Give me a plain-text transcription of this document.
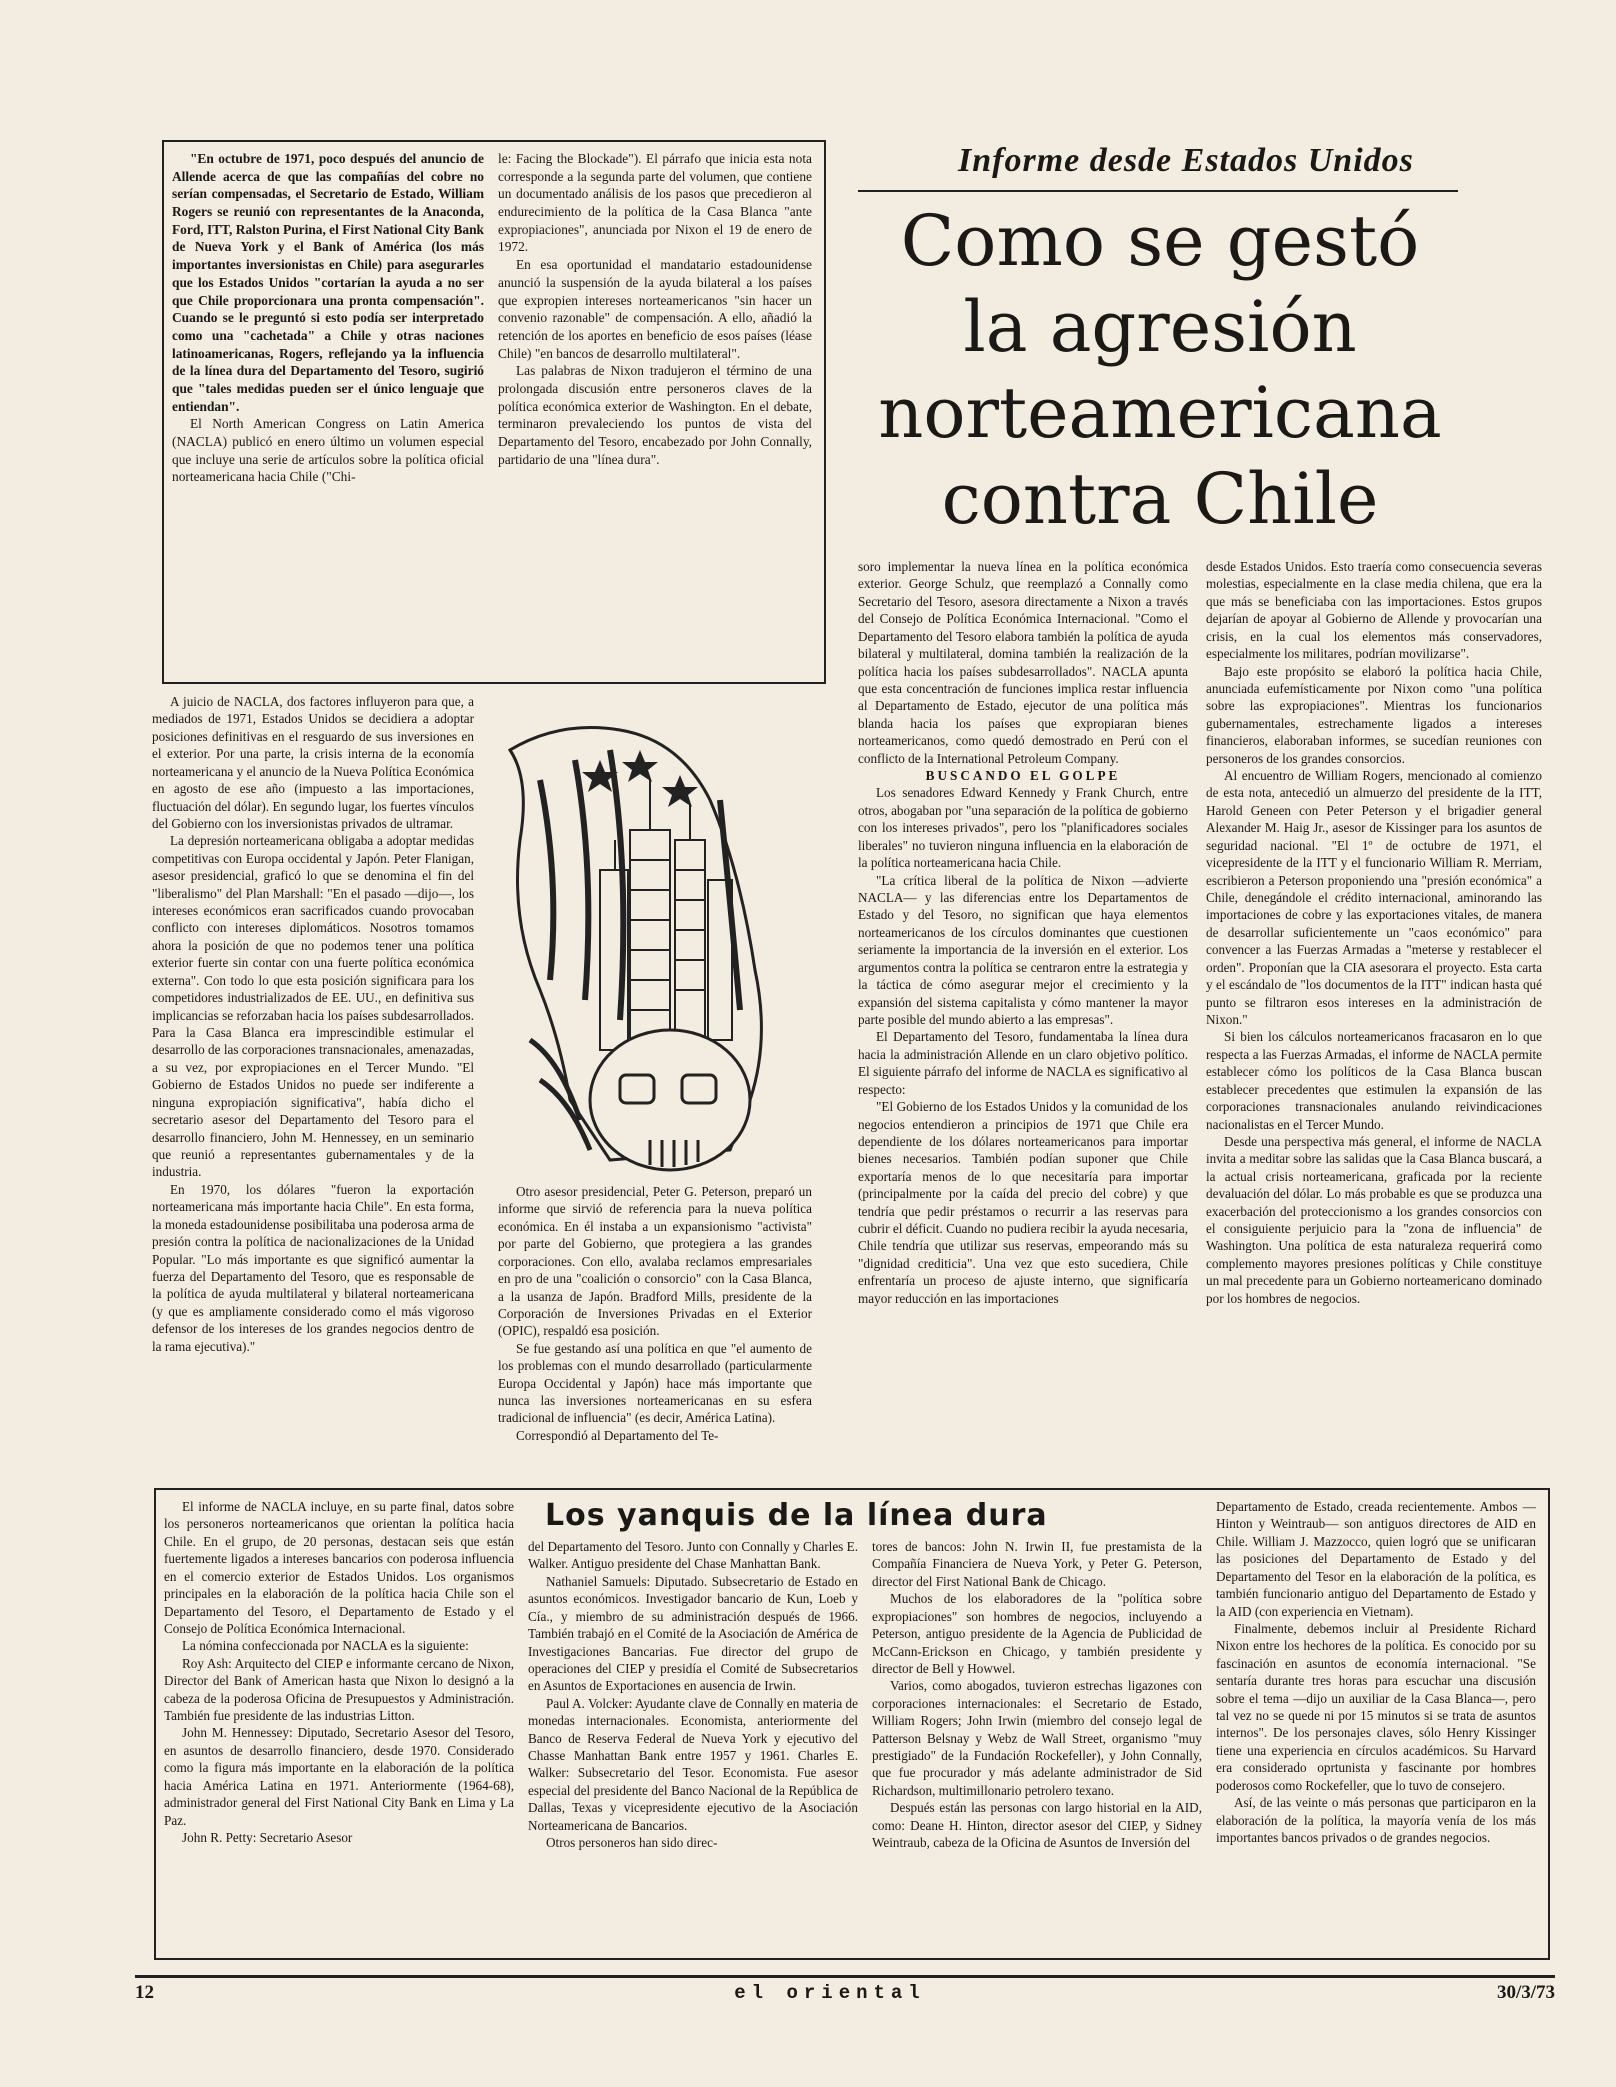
Informe desde Estados Unidos
Como se gestó
la agresión
norteamericana
contra Chile

"En octubre de 1971, poco después del anuncio de Allende acerca de que las compañías del cobre no serían compensadas, el Secretario de Estado, William Rogers se reunió con representantes de la Anaconda, Ford, ITT, Ralston Purina, el First National City Bank de Nueva York y el Bank of América (los más importantes inversionistas en Chile) para asegurarles que los Estados Unidos "cortarían la ayuda a no ser que Chile proporcionara una pronta compensación". Cuando se le preguntó si esto podía ser interpretado como una "cachetada" a Chile y otras naciones latinoamericanas, Rogers, reflejando ya la influencia de la línea dura del Departamento del Tesoro, sugirió que "tales medidas pueden ser el único lenguaje que entiendan".

El North American Congress on Latin America (NACLA) publicó en enero último un volumen especial que incluye una serie de artículos sobre la política oficial norteamericana hacia Chile ("Chi-

le: Facing the Blockade"). El párrafo que inicia esta nota corresponde a la segunda parte del volumen, que contiene un documentado análisis de los pasos que precedieron al endurecimiento de la política de la Casa Blanca "ante expropiaciones", anunciada por Nixon el 19 de enero de 1972.

En esa oportunidad el mandatario estadounidense anunció la suspensión de la ayuda bilateral a los países que expropien intereses norteamericanos "sin hacer un convenio razonable" de compensación. A ello, añadió la retención de los aportes en beneficio de esos países (léase Chile) "en bancos de desarrollo multilateral".

Las palabras de Nixon tradujeron el término de una prolongada discusión entre personeros claves de la política económica exterior de Washington. En el debate, terminaron prevaleciendo los puntos de vista del Departamento del Tesoro, encabezado por John Connally, partidario de una "línea dura".

A juicio de NACLA, dos factores influyeron para que, a mediados de 1971, Estados Unidos se decidiera a adoptar posiciones definitivas en el resguardo de sus inversiones en el exterior. Por una parte, la crisis interna de la economía norteamericana y el anuncio de la Nueva Política Económica en agosto de ese año (impuesto a las importaciones, fluctuación del dólar). En segundo lugar, los fuertes vínculos del Gobierno con los inversionistas privados de ultramar.

La depresión norteamericana obligaba a adoptar medidas competitivas con Europa occidental y Japón. Peter Flanigan, asesor presidencial, graficó lo que se denomina el fin del "liberalismo" del Plan Marshall: "En el pasado —dijo—, los intereses económicos eran sacrificados cuando provocaban conflicto con intereses diplomáticos. Nosotros tomamos ahora la posición de que no podemos tener una política exterior fuerte sin contar con una fuerte política económica externa". Con todo lo que esta posición significara para los competidores industrializados de EE. UU., en definitiva sus implicancias se reforzaban hacia los países subdesarrollados. Para la Casa Blanca era imprescindible estimular el desarrollo de las corporaciones transnacionales, amenazadas, a su vez, por expropiaciones en el Tercer Mundo. "El Gobierno de Estados Unidos no puede ser indiferente a ninguna expropiación significativa", había dicho el secretario asesor del Departamento del Tesoro para el desarrollo financiero, John M. Hennessey, en un seminario que reunió a representantes gubernamentales y de la industria.

En 1970, los dólares "fueron la exportación norteamericana más importante hacia Chile". En esta forma, la moneda estadounidense posibilitaba una poderosa arma de presión contra la política de nacionalizaciones de la Unidad Popular. "Lo más importante es que significó aumentar la fuerza del Departamento del Tesoro, que es responsable de la política de ayuda multilateral y bilateral norteamericana (y que es ampliamente considerado como el más vigoroso defensor de los intereses de los grandes negocios dentro de la rama ejecutiva)."

Otro asesor presidencial, Peter G. Peterson, preparó un informe que sirvió de referencia para la nueva política económica. En él instaba a un expansionismo "activista" por parte del Gobierno, que protegiera a las grandes corporaciones. Con ello, avalaba reclamos empresariales en pro de una "coalición o consorcio" con la Casa Blanca, a la usanza de Japón. Bradford Mills, presidente de la Corporación de Inversiones Privadas en el Exterior (OPIC), respaldó esa posición.

Se fue gestando así una política en que "el aumento de los problemas con el mundo desarrollado (particularmente Europa Occidental y Japón) hace más importante que nunca las inversiones norteamericanas en su esfera tradicional de influencia" (es decir, América Latina).

Correspondió al Departamento del Te-

soro implementar la nueva línea en la política económica exterior. George Schulz, que reemplazó a Connally como Secretario del Tesoro, asesora directamente a Nixon a través del Consejo de Política Económica Internacional. "Como el Departamento del Tesoro elabora también la política de ayuda bilateral y multilateral, domina también la realización de la política hacia los países subdesarrollados". NACLA apunta que esta concentración de funciones implica restar influencia al Departamento de Estado, ejecutor de una política más blanda hacia los países que expropiaran bienes norteamericanos, como quedó demostrado en Perú con el conflicto de la International Petroleum Company.

BUSCANDO EL GOLPE

Los senadores Edward Kennedy y Frank Church, entre otros, abogaban por "una separación de la política de gobierno con los intereses privados", pero los "planificadores sociales liberales" no tuvieron ninguna influencia en la elaboración de la política norteamericana hacia Chile.

"La crítica liberal de la política de Nixon —advierte NACLA— y las diferencias entre los Departamentos de Estado y del Tesoro, no significan que haya elementos norteamericanos de los círculos dominantes que cuestionen seriamente la importancia de la inversión en el exterior. Los argumentos contra la política se centraron entre la estrategia y la táctica de cómo asegurar mejor el crecimiento y la expansión del sistema capitalista y cómo mantener la mayor parte posible del mundo abierto a las empresas".

El Departamento del Tesoro, fundamentaba la línea dura hacia la administración Allende en un claro objetivo político. El siguiente párrafo del informe de NACLA es significativo al respecto:

"El Gobierno de los Estados Unidos y la comunidad de los negocios entendieron a principios de 1971 que Chile era dependiente de los dólares norteamericanos para importar bienes necesarios. También podían suponer que Chile exportaría menos de lo que necesitaría para importar (principalmente por la caída del precio del cobre) y que tendría que pedir préstamos o recurrir a las reservas para cubrir el déficit. Cuando no pudiera recibir la ayuda necesaria, Chile tendría que utilizar sus reservas, empeorando más su "dignidad crediticia". Una vez que esto sucediera, Chile enfrentaría un proceso de ajuste interno, que significaría mayor reducción en las importaciones

desde Estados Unidos. Esto traería como consecuencia severas molestias, especialmente en la clase media chilena, que era la que más se beneficiaba con las importaciones. Estos grupos dejarían de apoyar al Gobierno de Allende y provocarían una crisis, en la cual los elementos más conservadores, especialmente los militares, podrían movilizarse".

Bajo este propósito se elaboró la política hacia Chile, anunciada eufemísticamente por Nixon como "una política sobre las expropiaciones". Mientras los funcionarios gubernamentales, estrechamente ligados a intereses financieros, elaboraban informes, se sucedían reuniones con personeros de los grandes consorcios.

Al encuentro de William Rogers, mencionado al comienzo de esta nota, antecedió un almuerzo del presidente de la ITT, Harold Geneen con Peter Peterson y el brigadier general Alexander M. Haig Jr., asesor de Kissinger para los asuntos de seguridad nacional. "El 1º de octubre de 1971, el vicepresidente de la ITT y el funcionario William R. Merriam, escribieron a Peterson proponiendo una "presión económica" a Chile, denegándole el crédito internacional, aminorando las importaciones de cobre y las exportaciones vitales, de manera de desarrollar suficientemente un "caos económico" para convencer a las Fuerzas Armadas a "meterse y restablecer el orden". Proponían que la CIA asesorara el proyecto. Esta carta y el escándalo de "los documentos de la ITT" indican hasta qué punto se filtraron esos intereses en la administración de Nixon."

Si bien los cálculos norteamericanos fracasaron en lo que respecta a las Fuerzas Armadas, el informe de NACLA permite establecer cómo los políticos de la Casa Blanca buscan establecer precedentes que estimulen la expansión de las corporaciones transnacionales anulando reivindicaciones nacionalistas en el Tercer Mundo.

Desde una perspectiva más general, el informe de NACLA invita a meditar sobre las salidas que la Casa Blanca buscará, a la actual crisis norteamericana, graficada por la reciente devaluación del dólar. Lo más probable es que se produzca una exacerbación del proteccionismo a los grandes consorcios con el consiguiente perjuicio para la "zona de influencia" de Washington. Una política de esta naturaleza requerirá como complemento mayores presiones políticas y Chile constituye un mal precedente para un Gobierno norteamericano dominado por los hombres de negocios.

Los yanquis de la línea dura

El informe de NACLA incluye, en su parte final, datos sobre los personeros norteamericanos que orientan la política hacia Chile. En el grupo, de 20 personas, destacan seis que están fuertemente ligados a intereses bancarios con poderosa influencia en el comercio exterior de Estados Unidos. Los organismos principales en la elaboración de la política hacia Chile son el Departamento del Tesoro, el Departamento de Estado y el Consejo de Política Económica Internacional.

La nómina confeccionada por NACLA es la siguiente:

Roy Ash: Arquitecto del CIEP e informante cercano de Nixon, Director del Bank of American hasta que Nixon lo designó a la cabeza de la poderosa Oficina de Presupuestos y Administración. También fue presidente de las industrias Litton.

John M. Hennessey: Diputado, Secretario Asesor del Tesoro, en asuntos de desarrollo financiero, desde 1970. Considerado como la figura más importante en la elaboración de la política hacia América Latina en 1971. Anteriormente (1964-68), administrador general del First National City Bank en Lima y La Paz.

John R. Petty: Secretario Asesor

del Departamento del Tesoro. Junto con Connally y Charles E. Walker. Antiguo presidente del Chase Manhattan Bank.

Nathaniel Samuels: Diputado. Subsecretario de Estado en asuntos económicos. Investigador bancario de Kun, Loeb y Cía., y miembro de su administración después de 1966. También trabajó en el Comité de la Asociación de América de Investigaciones Bancarias. Fue director del grupo de operaciones del CIEP y presidía el Comité de Subsecretarios en Asuntos de Exportaciones en ausencia de Irwin.

Paul A. Volcker: Ayudante clave de Connally en materia de monedas internacionales. Economista, anteriormente del Banco de Reserva Federal de Nueva York y ejecutivo del Chasse Manhattan Bank entre 1957 y 1961. Charles E. Walker: Subsecretario del Tesor. Economista. Fue asesor especial del presidente del Banco Nacional de la República de Dallas, Texas y vicepresidente ejecutivo de la Asociación Norteamericana de Bancarios.

Otros personeros han sido direc-

tores de bancos: John N. Irwin II, fue prestamista de la Compañía Financiera de Nueva York, y Peter G. Peterson, director del First National Bank de Chicago.

Muchos de los elaboradores de la "política sobre expropiaciones" son hombres de negocios, incluyendo a Peterson, antiguo presidente de la Agencia de Publicidad de McCann-Erickson en Chicago, y también presidente y director de Bell y Howwel.

Varios, como abogados, tuvieron estrechas ligazones con corporaciones internacionales: el Secretario de Estado, William Rogers; John Irwin (miembro del consejo legal de Patterson Belsnay y Webz de Wall Street, organismo "muy prestigiado" de la Fundación Rockefeller), y John Connally, que fue procurador y más adelante administrador de Sid Richardson, multimillonario petrolero texano.

Después están las personas con largo historial en la AID, como: Deane H. Hinton, director asesor del CIEP, y Sidney Weintraub, cabeza de la Oficina de Asuntos de Inversión del

Departamento de Estado, creada recientemente. Ambos —Hinton y Weintraub— son antiguos directores de AID en Chile. William J. Mazzocco, quien logró que se unificaran las posiciones del Departamento de Estado y del Departamento del Tesor en la elaboración de la política, es también funcionario antiguo del Departamento de Estado y la AID (con experiencia en Vietnam).

Finalmente, debemos incluir al Presidente Richard Nixon entre los hechores de la política. Es conocido por su fascinación en asuntos de economía internacional. "Se sentaría durante tres horas para escuchar una discusión sobre el tema —dijo un auxiliar de la Casa Blanca—, pero tal vez no se quede ni por 15 minutos si se trata de asuntos internos". De los personajes claves, sólo Henry Kissinger tiene una experiencia en círculos académicos. Su Harvard era considerado oprtunista y fascinante por hombres poderosos como Rockefeller, que lo tuvo de consejero.

Así, de las veinte o más personas que participaron en la elaboración de la política, la mayoría venía de los más importantes bancos privados o de grandes negocios.

12	el oriental	30/3/73
